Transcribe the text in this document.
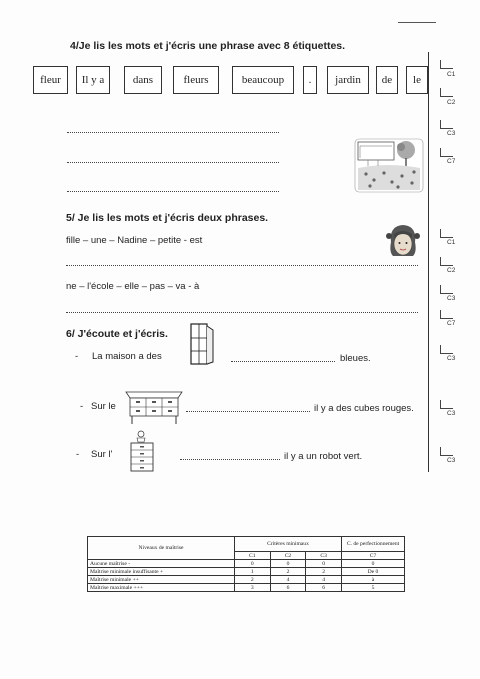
4/Je lis les mots et j'écris une phrase avec 8 étiquettes.
fleur	Il y a	dans	fleurs	beaucoup	.	jardin	de	le
5/ Je lis les mots et j'écris deux phrases.
fille – une – Nadine – petite - est
ne – l'école – elle – pas – va - à
6/ J'écoute et j'écris.
- La maison a des	bleues.
- Sur le	il y a des cubes rouges.
- Sur l'	il y a un robot vert.
C1
C2
C3
C7
C1
C2
C3
C7
C3
C3
C3
Niveaux de maîtrise	Critères minimaux			C. de perfectionnement
	C1	C2	C3	C7
Aucune maîtrise -	0	0	0	0
Maîtrise minimale insuffisante +	1	2	2	De 0
Maîtrise minimale ++	2	4	4	à
Maîtrise maximale +++	3	6	6	5
